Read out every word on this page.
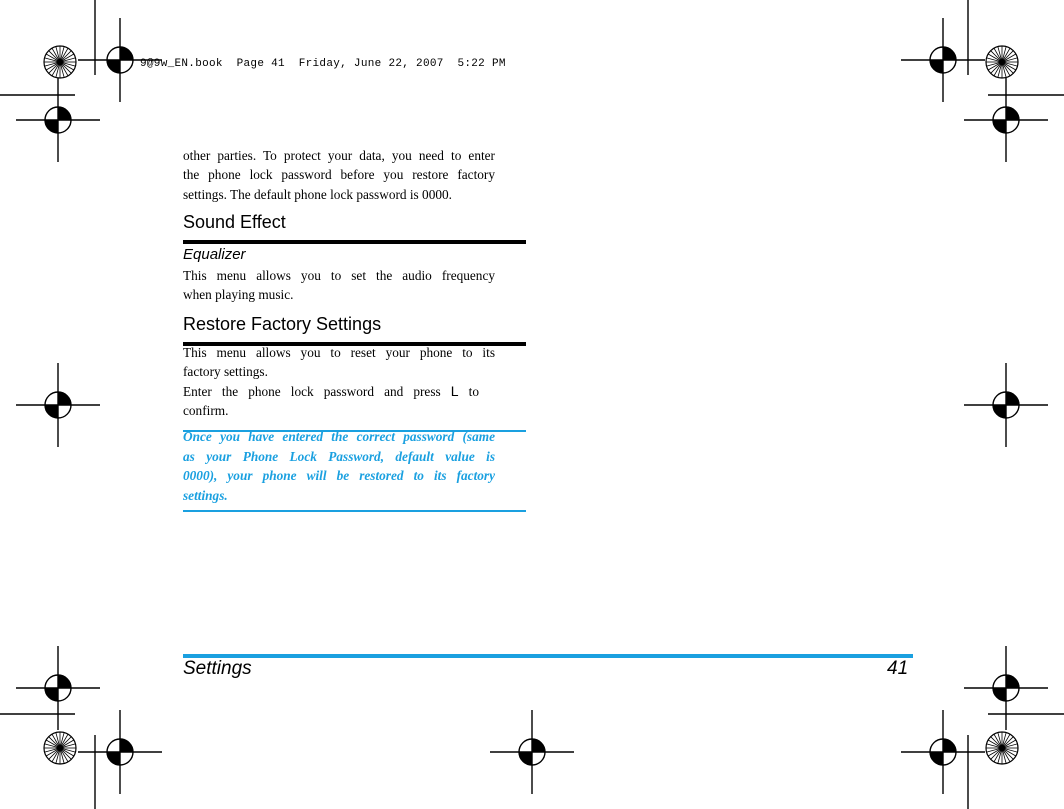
9@9w_EN.book  Page 41  Friday, June 22, 2007  5:22 PM
other parties. To protect your data, you need to enter
the phone lock password before you restore factory
settings. The default phone lock password is 0000.
Sound Effect
Equalizer
This menu allows you to set the audio frequency
when playing music.
Restore Factory Settings
This menu allows you to reset your phone to its
factory settings.
Enter the phone lock password and press L to
confirm.
Once you have entered the correct password (same
as your Phone Lock Password, default value is
0000), your phone will be restored to its factory
settings.
Settings	41
